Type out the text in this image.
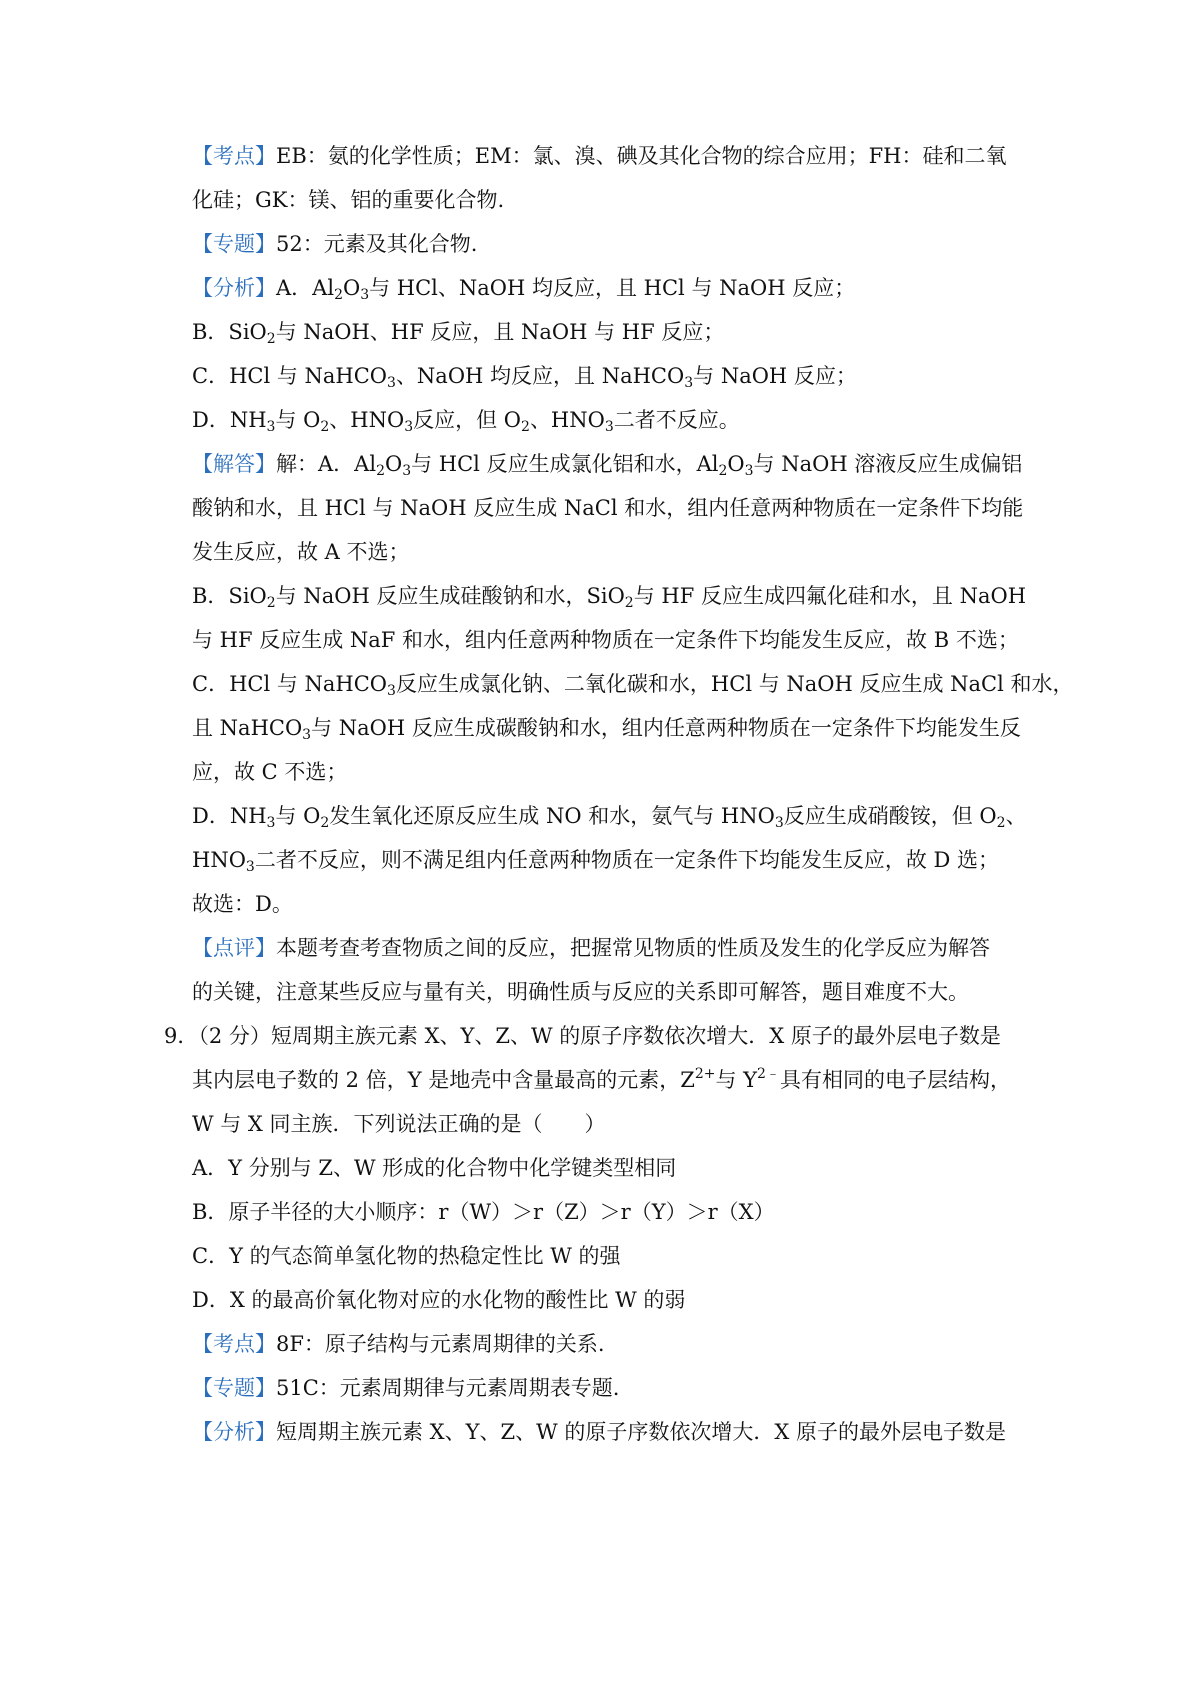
【考点】EB：氨的化学性质；EM：氯、溴、碘及其化合物的综合应用；FH：硅和二氧
化硅；GK：镁、铝的重要化合物.
【专题】52：元素及其化合物.
【分析】A．$Al_2O_3$与 HCl、NaOH 均反应，且 HCl 与 NaOH 反应；
B．SiO$_2$与 NaOH、HF 反应，且 NaOH 与 HF 反应；
C．HCl 与 NaHCO$_3$、NaOH 均反应，且 NaHCO$_3$与 NaOH 反应；
D．$NH_3$与 $O_2$、$HNO_3$反应，但 $O_2$、$HNO_3$二者不反应。
【解答】解：A．$Al_2O_3$与 HCl 反应生成氯化铝和水，$Al_2O_3$与 NaOH 溶液反应生成偏铝
酸钠和水，且 HCl 与 NaOH 反应生成 NaCl 和水，组内任意两种物质在一定条件下均能
发生反应，故 A 不选；
B．SiO$_2$与 NaOH 反应生成硅酸钠和水，SiO$_2$与 HF 反应生成四氟化硅和水，且 NaOH
与 HF 反应生成 NaF 和水，组内任意两种物质在一定条件下均能发生反应，故 B 不选；
C．HCl 与 NaHCO$_3$反应生成氯化钠、二氧化碳和水，HCl 与 NaOH 反应生成 NaCl 和水，
且 NaHCO$_3$与 NaOH 反应生成碳酸钠和水，组内任意两种物质在一定条件下均能发生反
应，故 C 不选；
D．$NH_3$与 $O_2$发生氧化还原反应生成 NO 和水，氨气与 $HNO_3$反应生成硝酸铵，但 $O_2$、
$HNO_3$二者不反应，则不满足组内任意两种物质在一定条件下均能发生反应，故 D 选；
故选：D。
【点评】本题考查考查物质之间的反应，把握常见物质的性质及发生的化学反应为解答
的关键，注意某些反应与量有关，明确性质与反应的关系即可解答，题目难度不大。
9．（2 分）短周期主族元素 X、Y、Z、W 的原子序数依次增大．X 原子的最外层电子数是
其内层电子数的 2 倍，Y 是地壳中含量最高的元素，$Z^{2+}$与 $Y^{2﹣}$具有相同的电子层结构，
W 与 X 同主族．下列说法正确的是（　　）
A．Y 分别与 Z、W 形成的化合物中化学键类型相同
B．原子半径的大小顺序：r（W）＞r（Z）＞r（Y）＞r（X）
C．Y 的气态简单氢化物的热稳定性比 W 的强
D．X 的最高价氧化物对应的水化物的酸性比 W 的弱
【考点】8F：原子结构与元素周期律的关系.
【专题】51C：元素周期律与元素周期表专题.
【分析】短周期主族元素 X、Y、Z、W 的原子序数依次增大．X 原子的最外层电子数是
